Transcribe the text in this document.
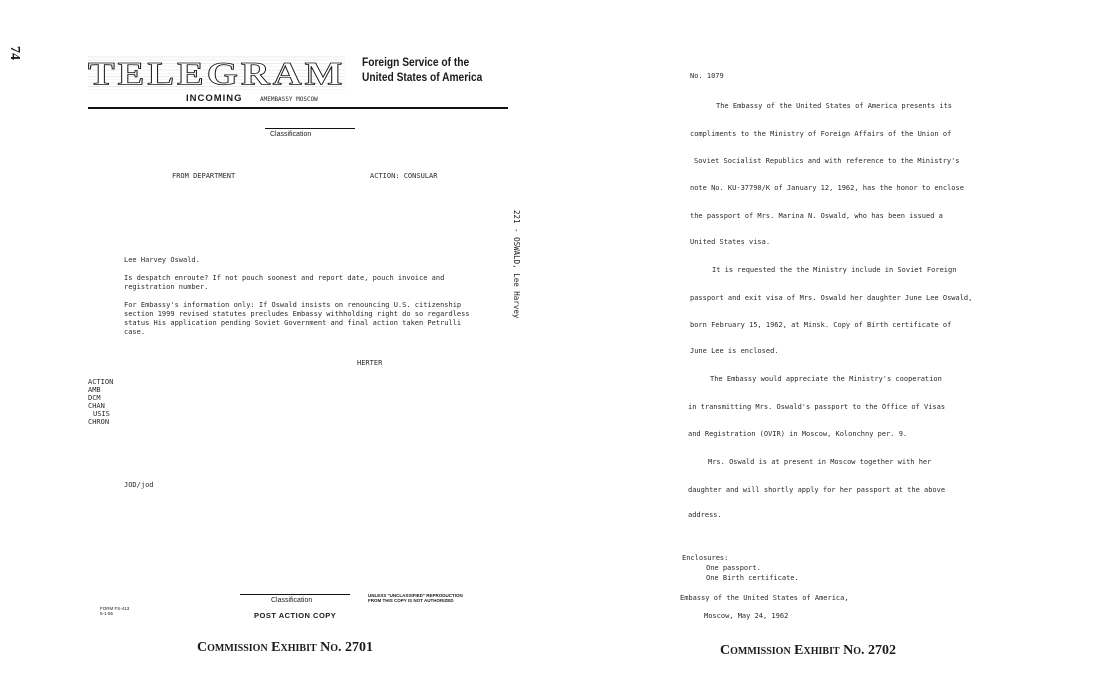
74
TELEGRAM Foreign Service of the
United States of America
INCOMING	AMEMBASSY MOSCOW
Classification
FROM DEPARTMENT	ACTION: CONSULAR
221 - OSWALD, Lee Harvey
Lee Harvey Oswald.
Is despatch enroute? If not pouch soonest and report date, pouch invoice and
registration number.
For Embassy's information only: If Oswald insists on renouncing U.S. citizenship
section 1999 revised statutes precludes Embassy withholding right do so regardless
status His application pending Soviet Government and final action taken Petrulli
case.
HERTER
ACTION
AMB
DCM
CHAN
USIS
CHRON
JOD/jod
FORM FS-413
5-1-55
Classification
POST ACTION COPY
UNLESS "UNCLASSIFIED" REPRODUCTION
FROM THIS COPY IS NOT AUTHORIZED
Commission Exhibit No. 2701
No. 1079
The Embassy of the United States of America presents its
compliments to the Ministry of Foreign Affairs of the Union of
Soviet Socialist Republics and with reference to the Ministry's
note No. KU-37790/K of January 12, 1962, has the honor to enclose
the passport of Mrs. Marina N. Oswald, who has been issued a
United States visa.
It is requested the the Ministry include in Soviet Foreign
passport and exit visa of Mrs. Oswald her daughter June Lee Oswald,
born February 15, 1962, at Minsk. Copy of Birth certificate of
June Lee is enclosed.
The Embassy would appreciate the Ministry's cooperation
in transmitting Mrs. Oswald's passport to the Office of Visas
and Registration (OVIR) in Moscow, Kolonchny per. 9.
Mrs. Oswald is at present in Moscow together with her
daughter and will shortly apply for her passport at the above
address.
Enclosures:
One passport.
One Birth certificate.
Embassy of the United States of America,
Moscow, May 24, 1962
Commission Exhibit No. 2702
